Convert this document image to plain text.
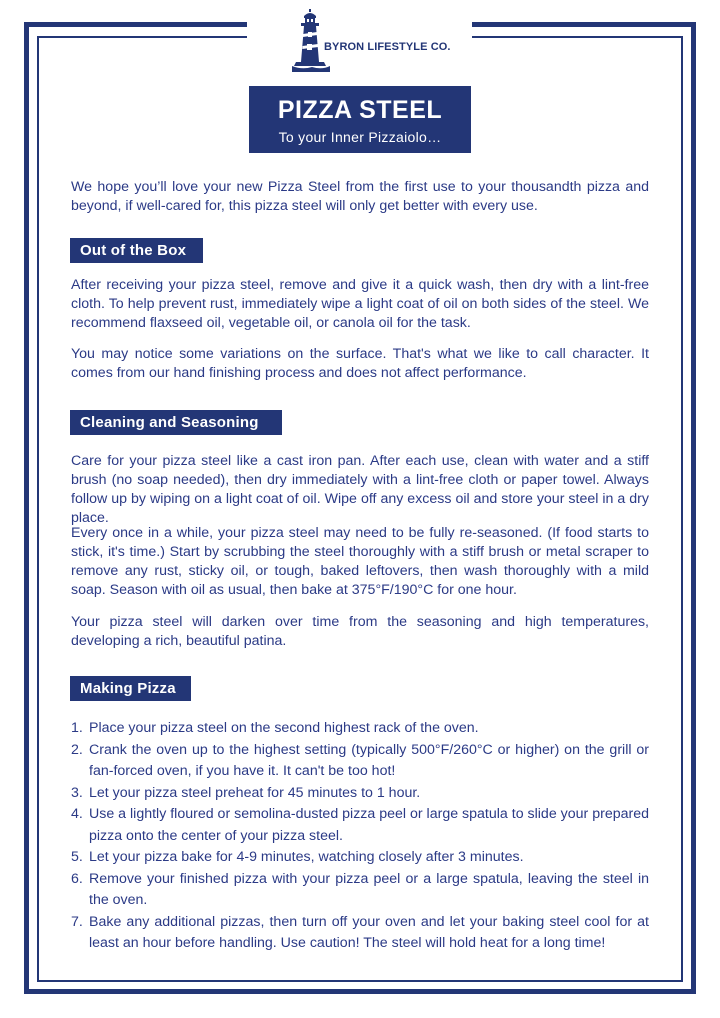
BYRON LIFESTYLE CO.
PIZZA STEEL
To your Inner Pizzaiolo…
We hope you’ll love your new Pizza Steel from the first use to your thousandth pizza and beyond, if well-cared for, this pizza steel will only get better with every use.
Out of the Box
After receiving your pizza steel, remove and give it a quick wash, then dry with a lint-free cloth. To help prevent rust, immediately wipe a light coat of oil on both sides of the steel. We recommend flaxseed oil, vegetable oil, or canola oil for the task.
You may notice some variations on the surface. That's what we like to call character. It comes from our hand finishing process and does not affect performance.
Cleaning and Seasoning
Care for your pizza steel like a cast iron pan. After each use, clean with water and a stiff brush (no soap needed), then dry immediately with a lint-free cloth or paper towel. Always follow up by wiping on a light coat of oil. Wipe off any excess oil and store your steel in a dry place.
Every once in a while, your pizza steel may need to be fully re-seasoned. (If food starts to stick, it's time.) Start by scrubbing the steel thoroughly with a stiff brush or metal scraper to remove any rust, sticky oil, or tough, baked leftovers, then wash thoroughly with a mild soap. Season with oil as usual, then bake at 375°F/190°C for one hour.
Your pizza steel will darken over time from the seasoning and high temperatures, developing a rich, beautiful patina.
Making Pizza
1. Place your pizza steel on the second highest rack of the oven.
2. Crank the oven up to the highest setting (typically 500°F/260°C or higher) on the grill or fan-forced oven, if you have it. It can't be too hot!
3. Let your pizza steel preheat for 45 minutes to 1 hour.
4. Use a lightly floured or semolina-dusted pizza peel or large spatula to slide your prepared pizza onto the center of your pizza steel.
5. Let your pizza bake for 4-9 minutes, watching closely after 3 minutes.
6. Remove your finished pizza with your pizza peel or a large spatula, leaving the steel in the oven.
7. Bake any additional pizzas, then turn off your oven and let your baking steel cool for at least an hour before handling. Use caution! The steel will hold heat for a long time!
